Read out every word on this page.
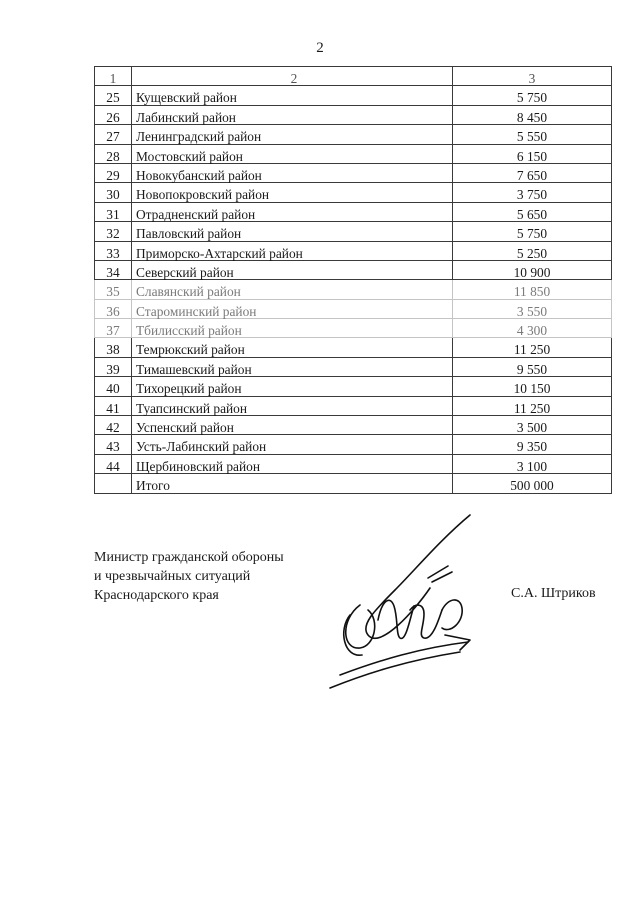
2
1	2	3
25	Кущевский район	5 750
26	Лабинский район	8 450
27	Ленинградский район	5 550
28	Мостовский район	6 150
29	Новокубанский район	7 650
30	Новопокровский район	3 750
31	Отрадненский район	5 650
32	Павловский район	5 750
33	Приморско-Ахтарский район	5 250
34	Северский район	10 900
35	Славянский район	11 850
36	Староминский район	3 550
37	Тбилисский район	4 300
38	Темрюкский район	11 250
39	Тимашевский район	9 550
40	Тихорецкий район	10 150
41	Туапсинский район	11 250
42	Успенский район	3 500
43	Усть-Лабинский район	9 350
44	Щербиновский район	3 100
	Итого	500 000
Министр гражданской обороны
и чрезвычайных ситуаций
Краснодарского края	С.А. Штриков
